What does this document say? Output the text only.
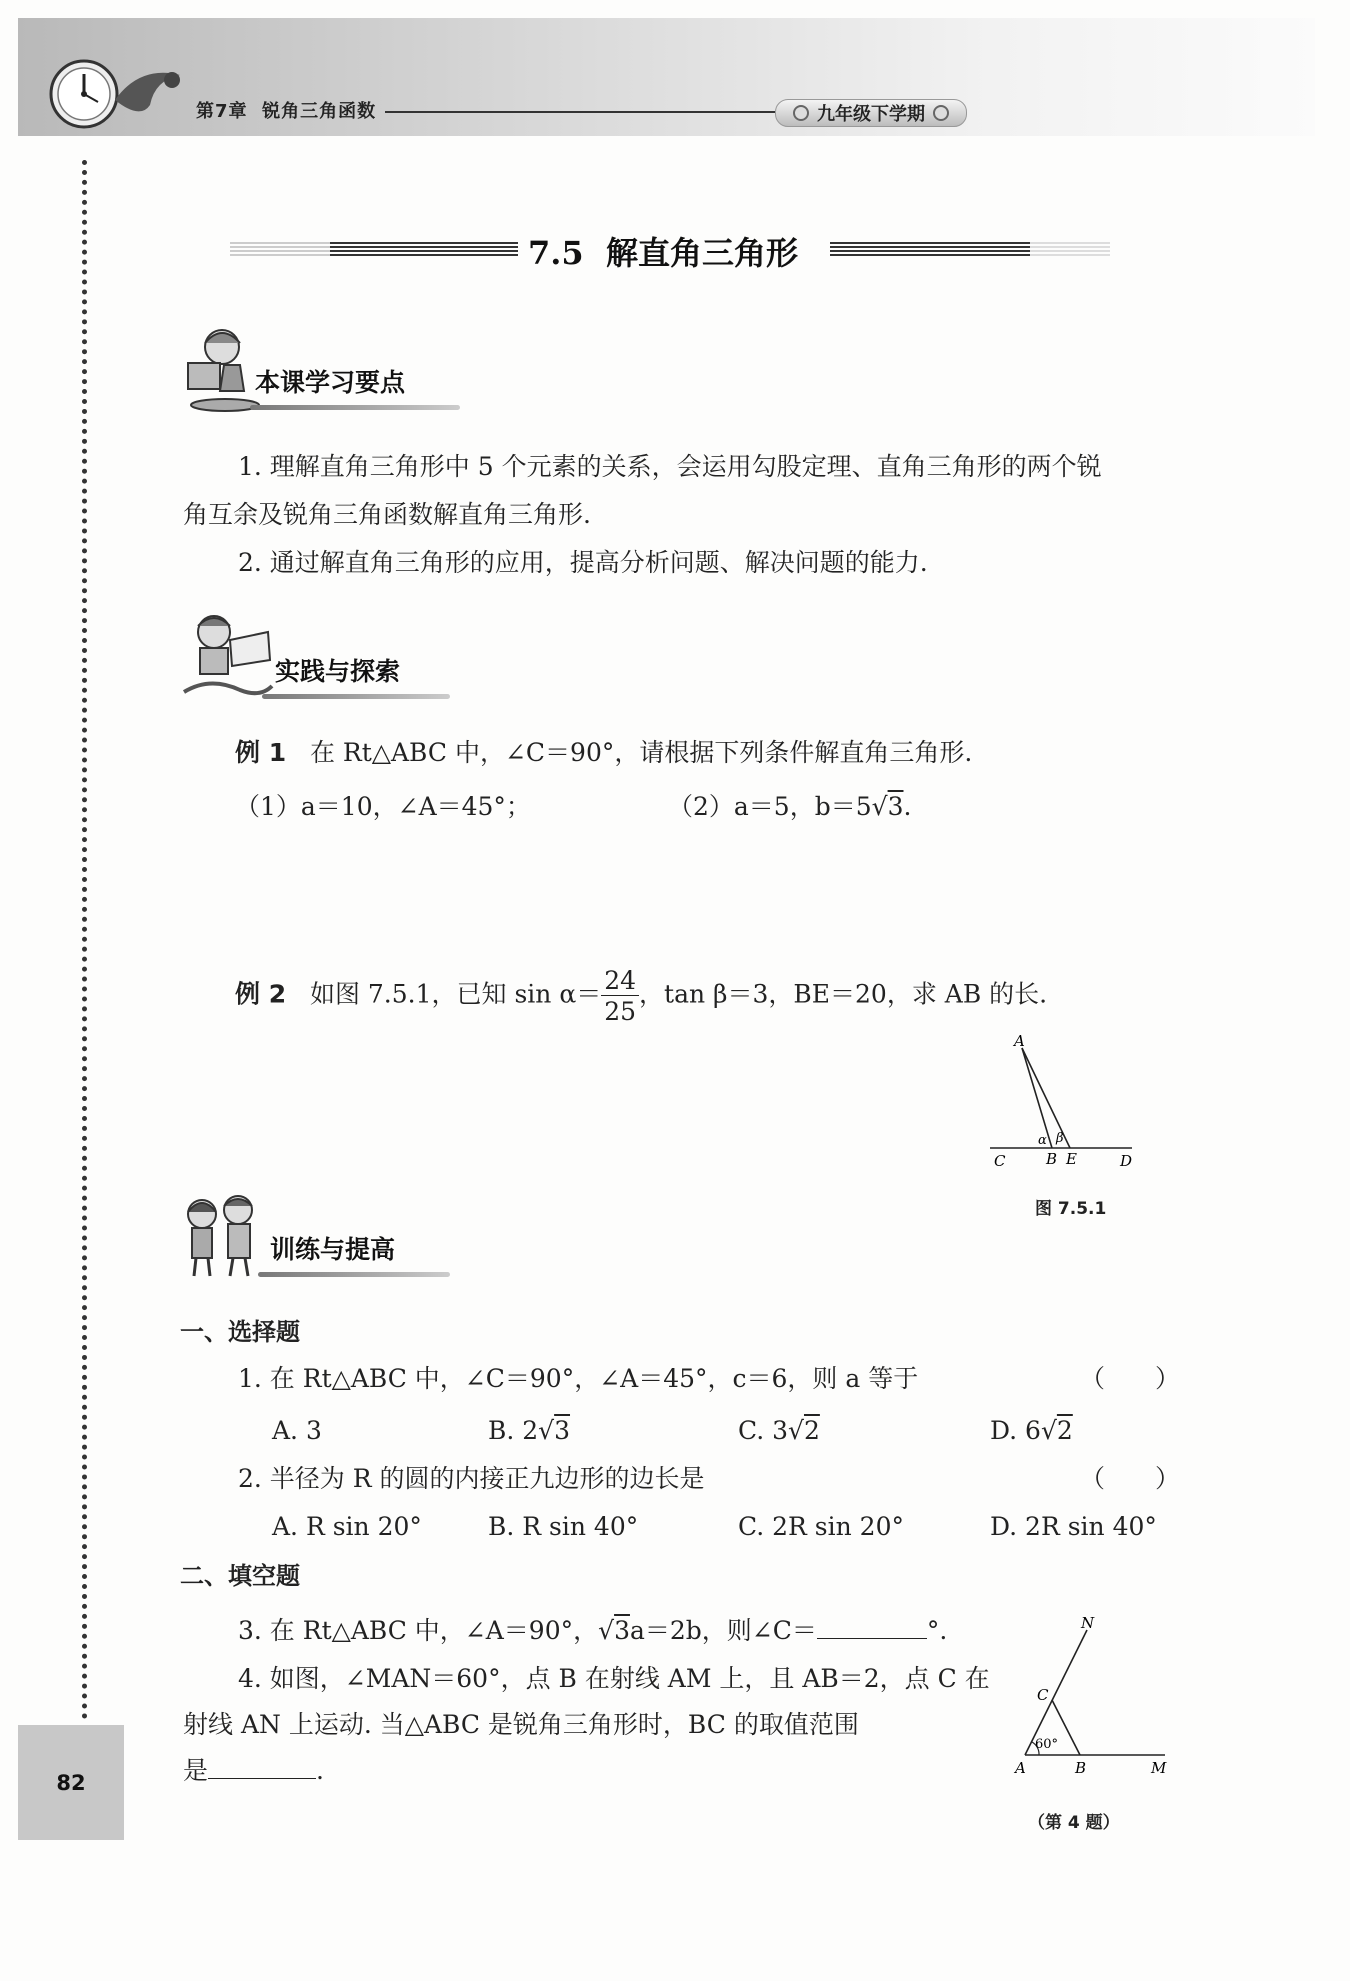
第7章 锐角三角函数	九年级下学期
82
7.5  解直角三角形
本课学习要点
1. 理解直角三角形中 5 个元素的关系，会运用勾股定理、直角三角形的两个锐
角互余及锐角三角函数解直角三角形.
2. 通过解直角三角形的应用，提高分析问题、解决问题的能力.
实践与探索
例 1 在 Rt△ABC 中，∠C＝90°，请根据下列条件解直角三角形.
（1）a＝10，∠A＝45°；	（2）a＝5，b＝5√3.
例 2 如图 7.5.1，已知 $\sin \alpha= \frac{24}{25}$ ，tan β＝3，BE＝20，求 AB 的长.
A
C	B E	D
α β
图 7.5.1
训练与提高
一、选择题
1. 在 Rt△ABC 中，∠C＝90°，∠A＝45°，c＝6，则 a 等于	（　　）
A. 3	B. 2√3	C. 3√2	D. 6√2
2. 半径为 R 的圆的内接正九边形的边长是	（　　）
A. R sin 20°	B. R sin 40°	C. 2R sin 20°	D. 2R sin 40°
二、填空题
3. 在 Rt△ABC 中，∠A＝90°，√3a＝2b，则∠C＝	°.
4. 如图，∠MAN＝60°，点 B 在射线 AM 上，且 AB＝2，点 C 在
射线 AN 上运动. 当△ABC 是锐角三角形时，BC 的取值范围
是	.
N
C
A	B	M
60°
（第 4 题）
